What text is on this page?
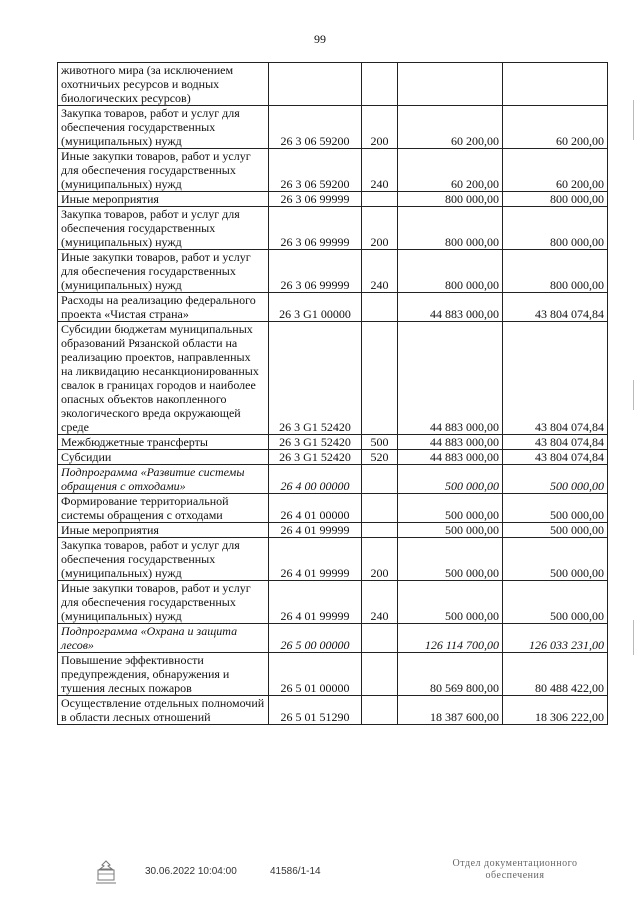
99
животного мира (за исключением охотничьих ресурсов и водных биологических ресурсов)				
Закупка товаров, работ и услуг для обеспечения государственных (муниципальных) нужд	26 3 06 59200	200	60 200,00	60 200,00
Иные закупки товаров, работ и услуг для обеспечения государственных (муниципальных) нужд	26 3 06 59200	240	60 200,00	60 200,00
Иные мероприятия	26 3 06 99999		800 000,00	800 000,00
Закупка товаров, работ и услуг для обеспечения государственных (муниципальных) нужд	26 3 06 99999	200	800 000,00	800 000,00
Иные закупки товаров, работ и услуг для обеспечения государственных (муниципальных) нужд	26 3 06 99999	240	800 000,00	800 000,00
Расходы на реализацию федерального проекта «Чистая страна»	26 3 G1 00000		44 883 000,00	43 804 074,84
Субсидии бюджетам муниципальных образований Рязанской области на реализацию проектов, направленных на ликвидацию несанкционированных свалок в границах городов и наиболее опасных объектов накопленного экологического вреда окружающей среде	26 3 G1 52420		44 883 000,00	43 804 074,84
Межбюджетные трансферты	26 3 G1 52420	500	44 883 000,00	43 804 074,84
Субсидии	26 3 G1 52420	520	44 883 000,00	43 804 074,84
Подпрограмма «Развитие системы обращения с отходами»	26 4 00 00000		500 000,00	500 000,00
Формирование территориальной системы обращения с отходами	26 4 01 00000		500 000,00	500 000,00
Иные мероприятия	26 4 01 99999		500 000,00	500 000,00
Закупка товаров, работ и услуг для обеспечения государственных (муниципальных) нужд	26 4 01 99999	200	500 000,00	500 000,00
Иные закупки товаров, работ и услуг для обеспечения государственных (муниципальных) нужд	26 4 01 99999	240	500 000,00	500 000,00
Подпрограмма «Охрана и защита лесов»	26 5 00 00000		126 114 700,00	126 033 231,00
Повышение эффективности предупреждения, обнаружения и тушения лесных пожаров	26 5 01 00000		80 569 800,00	80 488 422,00
Осуществление отдельных полномочий в области лесных отношений	26 5 01 51290		18 387 600,00	18 306 222,00
30.06.2022 10:04:00	41586/1-14
Отдел документационного обеспечения
